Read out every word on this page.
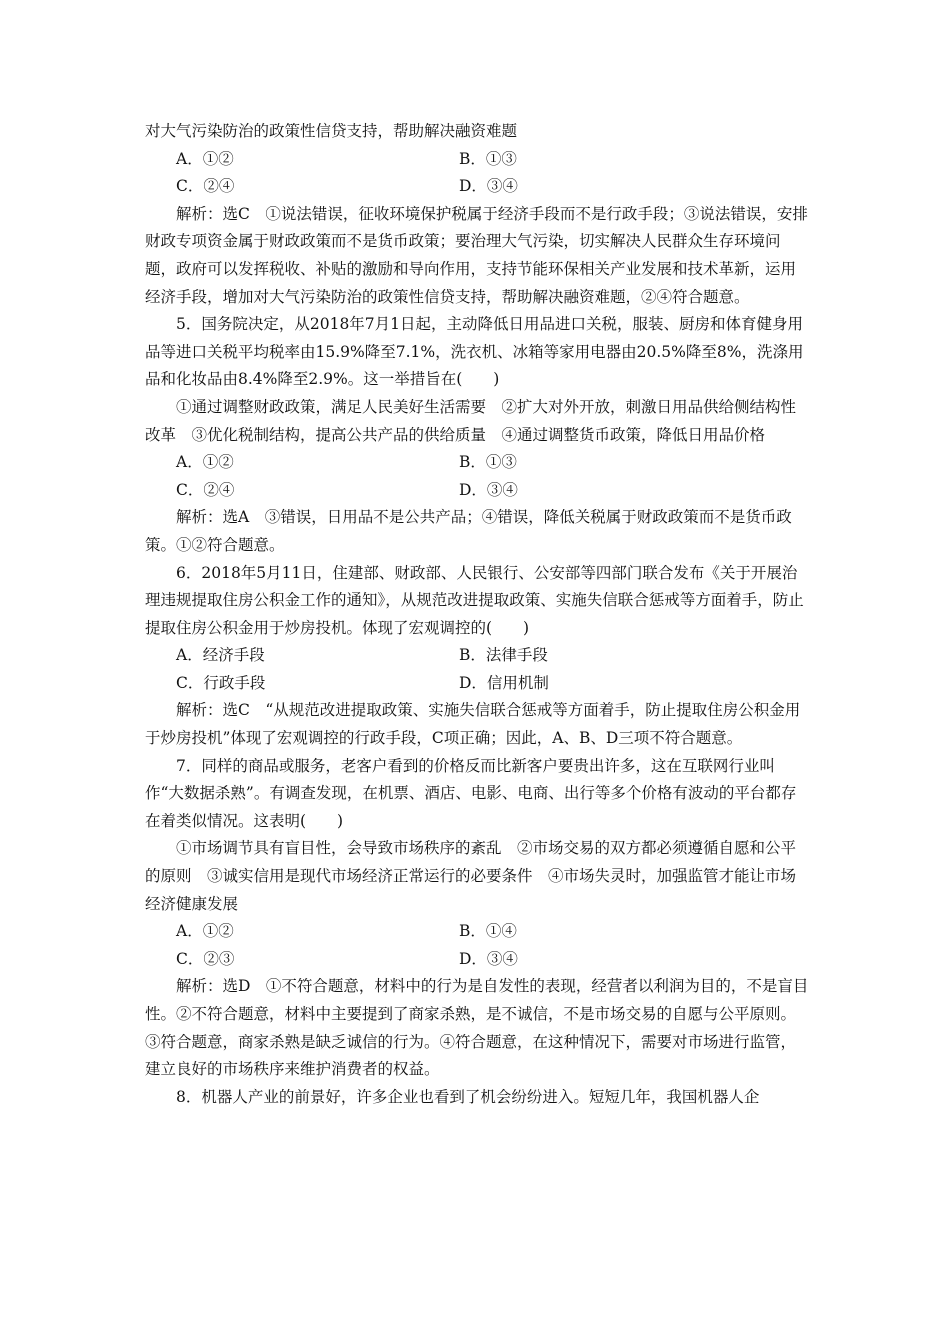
对大气污染防治的政策性信贷支持，帮助解决融资难题
A．①②	B．①③
C．②④	D．③④
解析：选C　①说法错误，征收环境保护税属于经济手段而不是行政手段；③说法错误，安排财政专项资金属于财政政策而不是货币政策；要治理大气污染，切实解决人民群众生存环境问题，政府可以发挥税收、补贴的激励和导向作用，支持节能环保相关产业发展和技术革新，运用经济手段，增加对大气污染防治的政策性信贷支持，帮助解决融资难题，②④符合题意。
5．国务院决定，从2018年7月1日起，主动降低日用品进口关税，服装、厨房和体育健身用品等进口关税平均税率由15.9%降至7.1%，洗衣机、冰箱等家用电器由20.5%降至8%，洗涤用品和化妆品由8.4%降至2.9%。这一举措旨在(　　)
①通过调整财政政策，满足人民美好生活需要　②扩大对外开放，刺激日用品供给侧结构性改革　③优化税制结构，提高公共产品的供给质量　④通过调整货币政策，降低日用品价格
A．①②	B．①③
C．②④	D．③④
解析：选A　③错误，日用品不是公共产品；④错误，降低关税属于财政政策而不是货币政策。①②符合题意。
6．2018年5月11日，住建部、财政部、人民银行、公安部等四部门联合发布《关于开展治理违规提取住房公积金工作的通知》，从规范改进提取政策、实施失信联合惩戒等方面着手，防止提取住房公积金用于炒房投机。体现了宏观调控的(　　)
A．经济手段	B．法律手段
C．行政手段	D．信用机制
解析：选C　“从规范改进提取政策、实施失信联合惩戒等方面着手，防止提取住房公积金用于炒房投机”体现了宏观调控的行政手段，C项正确；因此，A、B、D三项不符合题意。
7．同样的商品或服务，老客户看到的价格反而比新客户要贵出许多，这在互联网行业叫作“大数据杀熟”。有调查发现，在机票、酒店、电影、电商、出行等多个价格有波动的平台都存在着类似情况。这表明(　　)
①市场调节具有盲目性，会导致市场秩序的紊乱　②市场交易的双方都必须遵循自愿和公平的原则　③诚实信用是现代市场经济正常运行的必要条件　④市场失灵时，加强监管才能让市场经济健康发展
A．①②	B．①④
C．②③	D．③④
解析：选D　①不符合题意，材料中的行为是自发性的表现，经营者以利润为目的，不是盲目性。②不符合题意，材料中主要提到了商家杀熟，是不诚信，不是市场交易的自愿与公平原则。③符合题意，商家杀熟是缺乏诚信的行为。④符合题意，在这种情况下，需要对市场进行监管，建立良好的市场秩序来维护消费者的权益。
8．机器人产业的前景好，许多企业也看到了机会纷纷进入。短短几年，我国机器人企
